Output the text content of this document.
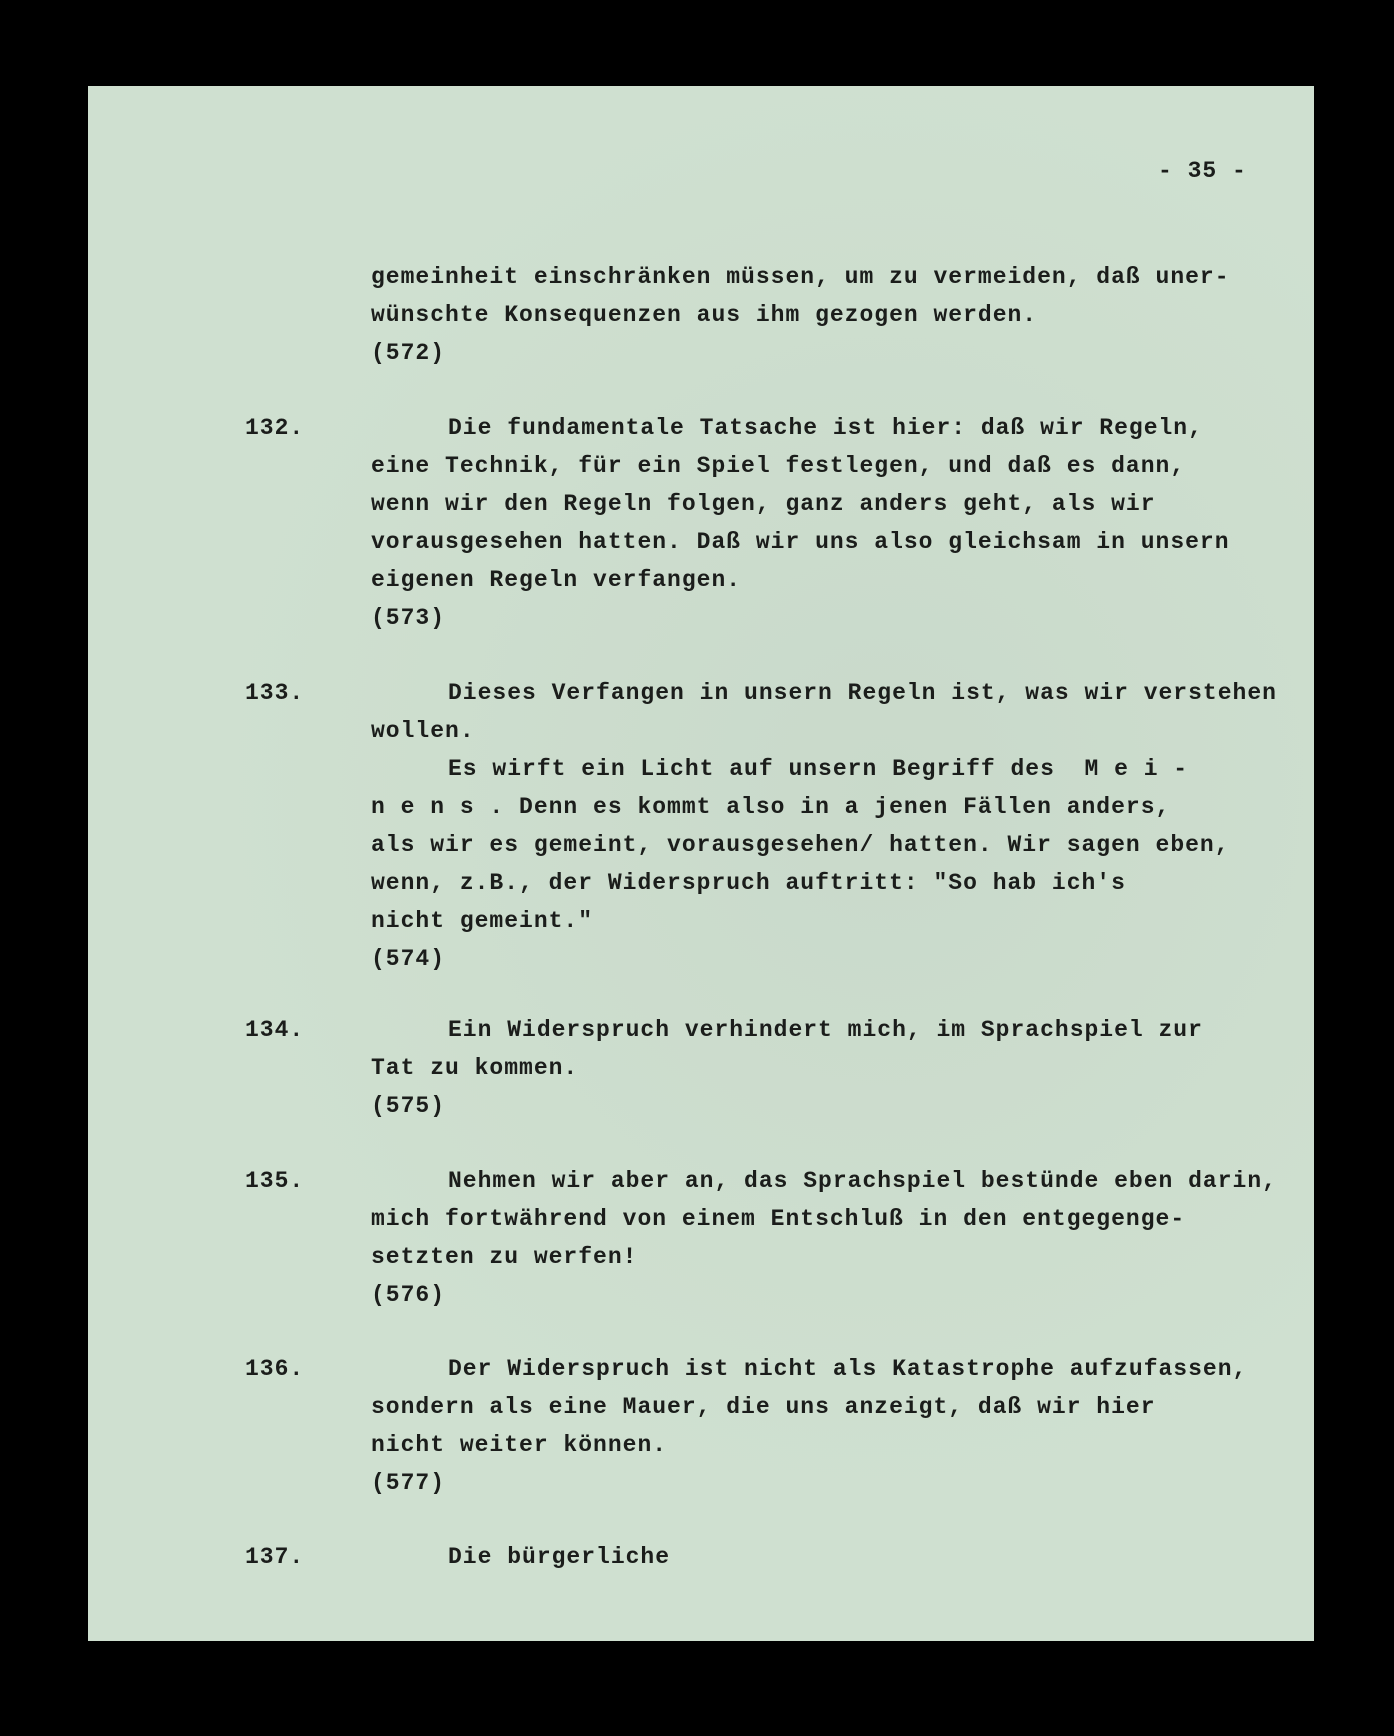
- 35 -
gemeinheit einschränken müssen, um zu vermeiden, daß uner-
wünschte Konsequenzen aus ihm gezogen werden.
(572)
132.	Die fundamentale Tatsache ist hier: daß wir Regeln,
eine Technik, für ein Spiel festlegen, und daß es dann,
wenn wir den Regeln folgen, ganz anders geht, als wir
vorausgesehen hatten. Daß wir uns also gleichsam in unsern
eigenen Regeln verfangen.
(573)
133.	Dieses Verfangen in unsern Regeln ist, was wir verstehen
wollen.
Es wirft ein Licht auf unsern Begriff des  M e i -
n e n s . Denn es kommt also in a jenen Fällen anders,
als wir es gemeint, vorausgesehen/ hatten. Wir sagen eben,
wenn, z.B., der Widerspruch auftritt: "So hab ich's
nicht gemeint."
(574)
134.	Ein Widerspruch verhindert mich, im Sprachspiel zur
Tat zu kommen.
(575)
135.	Nehmen wir aber an, das Sprachspiel bestünde eben darin,
mich fortwährend von einem Entschluß in den entgegenge-
setzten zu werfen!
(576)
136.	Der Widerspruch ist nicht als Katastrophe aufzufassen,
sondern als eine Mauer, die uns anzeigt, daß wir hier
nicht weiter können.
(577)
137.	Die bürgerliche
